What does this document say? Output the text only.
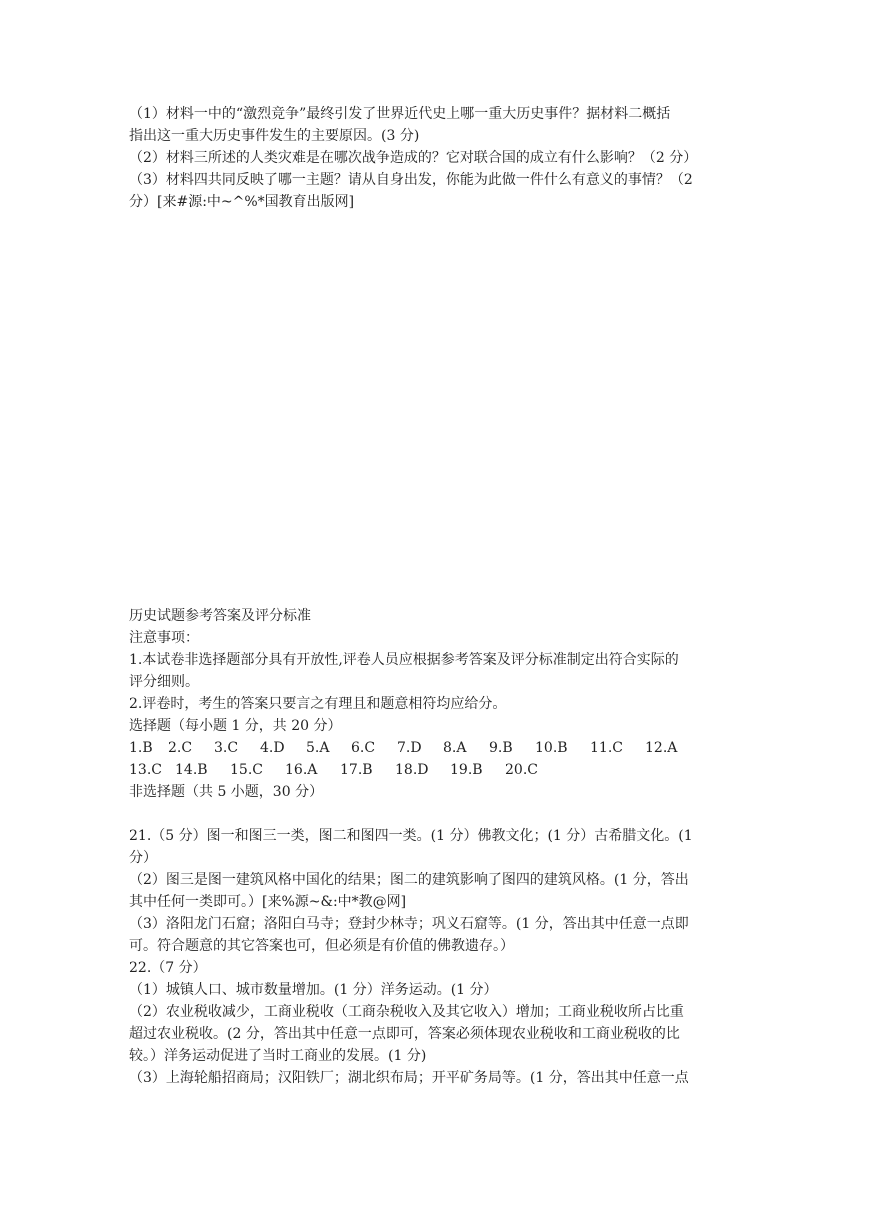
（1）材料一中的“激烈竞争”最终引发了世界近代史上哪一重大历史事件？据材料二概括
指出这一重大历史事件发生的主要原因。(3 分)
（2）材料三所述的人类灾难是在哪次战争造成的？它对联合国的成立有什么影响？（2 分）
（3）材料四共同反映了哪一主题？请从自身出发，你能为此做一件什么有意义的事情？（2
分）[来#源:中~^%*国教育出版网]
历史试题参考答案及评分标准
注意事项：
1.本试卷非选择题部分具有开放性,评卷人员应根据参考答案及评分标准制定出符合实际的
评分细则。
2.评卷时，考生的答案只要言之有理且和题意相符均应给分。
选择题（每小题 1 分，共 20 分）
1.B	2.C	3.C	4.D	5.A	6.C	7.D	8.A	9.B	10.B	11.C	12.A
13.C 14.B	15.C	16.A	17.B	18.D	19.B	20.C
非选择题（共 5 小题，30 分）
21.（5 分）图一和图三一类，图二和图四一类。(1 分）佛教文化；(1 分）古希腊文化。(1
分）
（2）图三是图一建筑风格中国化的结果；图二的建筑影响了图四的建筑风格。(1 分，答出
其中任何一类即可。）[来%源~&:中*教@网]
（3）洛阳龙门石窟；洛阳白马寺；登封少林寺；巩义石窟等。(1 分，答出其中任意一点即
可。符合题意的其它答案也可，但必须是有价值的佛教遗存。）
22.（7 分）
（1）城镇人口、城市数量增加。(1 分）洋务运动。(1 分）
（2）农业税收减少，工商业税收（工商杂税收入及其它收入）增加；工商业税收所占比重
超过农业税收。(2 分，答出其中任意一点即可，答案必须体现农业税收和工商业税收的比
较。）洋务运动促进了当时工商业的发展。(1 分)
（3）上海轮船招商局；汉阳铁厂；湖北织布局；开平矿务局等。(1 分，答出其中任意一点
